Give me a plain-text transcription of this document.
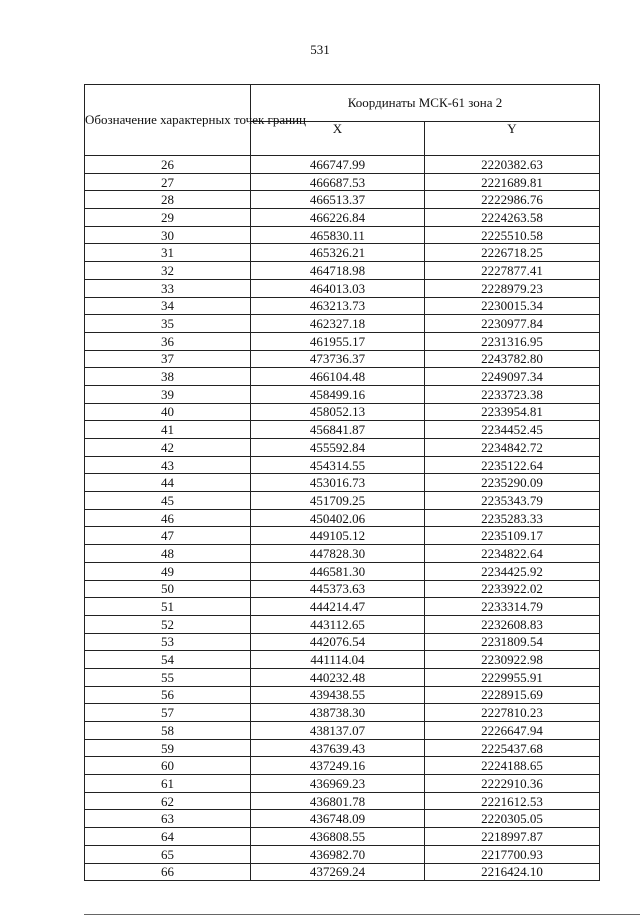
531
Обозначение характерных точек границ	Координаты МСК-61 зона 2	
	X	Y
26	466747.99	2220382.63
27	466687.53	2221689.81
28	466513.37	2222986.76
29	466226.84	2224263.58
30	465830.11	2225510.58
31	465326.21	2226718.25
32	464718.98	2227877.41
33	464013.03	2228979.23
34	463213.73	2230015.34
35	462327.18	2230977.84
36	461955.17	2231316.95
37	473736.37	2243782.80
38	466104.48	2249097.34
39	458499.16	2233723.38
40	458052.13	2233954.81
41	456841.87	2234452.45
42	455592.84	2234842.72
43	454314.55	2235122.64
44	453016.73	2235290.09
45	451709.25	2235343.79
46	450402.06	2235283.33
47	449105.12	2235109.17
48	447828.30	2234822.64
49	446581.30	2234425.92
50	445373.63	2233922.02
51	444214.47	2233314.79
52	443112.65	2232608.83
53	442076.54	2231809.54
54	441114.04	2230922.98
55	440232.48	2229955.91
56	439438.55	2228915.69
57	438738.30	2227810.23
58	438137.07	2226647.94
59	437639.43	2225437.68
60	437249.16	2224188.65
61	436969.23	2222910.36
62	436801.78	2221612.53
63	436748.09	2220305.05
64	436808.55	2218997.87
65	436982.70	2217700.93
66	437269.24	2216424.10
